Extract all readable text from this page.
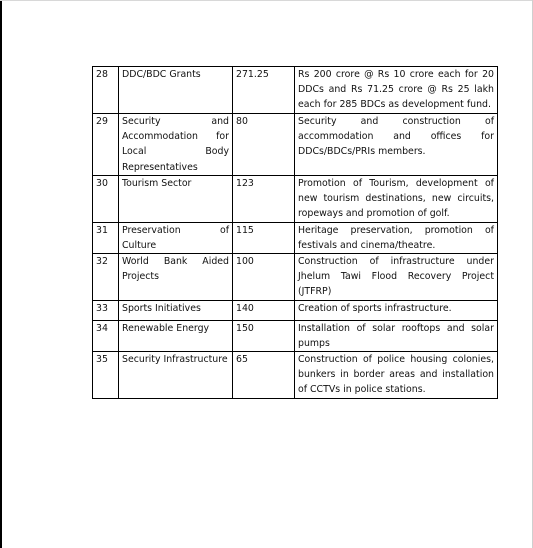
28	DDC/BDC Grants	271.25	Rs 200 crore @ Rs 10 crore each for 20 DDCs and Rs 71.25 crore @ Rs 25 lakh each for 285 BDCs as development fund.
29	Security and Accommodation for Local Body Representatives	80	Security and construction of accommodation and offices for DDCs/BDCs/PRIs members.
30	Tourism Sector	123	Promotion of Tourism, development of new tourism destinations, new circuits, ropeways and promotion of golf.
31	Preservation of Culture	115	Heritage preservation, promotion of festivals and cinema/theatre.
32	World Bank Aided Projects	100	Construction of infrastructure under Jhelum Tawi Flood Recovery Project (JTFRP)
33	Sports Initiatives	140	Creation of sports infrastructure.
34	Renewable Energy	150	Installation of solar rooftops and solar pumps
35	Security Infrastructure	65	Construction of police housing colonies, bunkers in border areas and installation of CCTVs in police stations.
